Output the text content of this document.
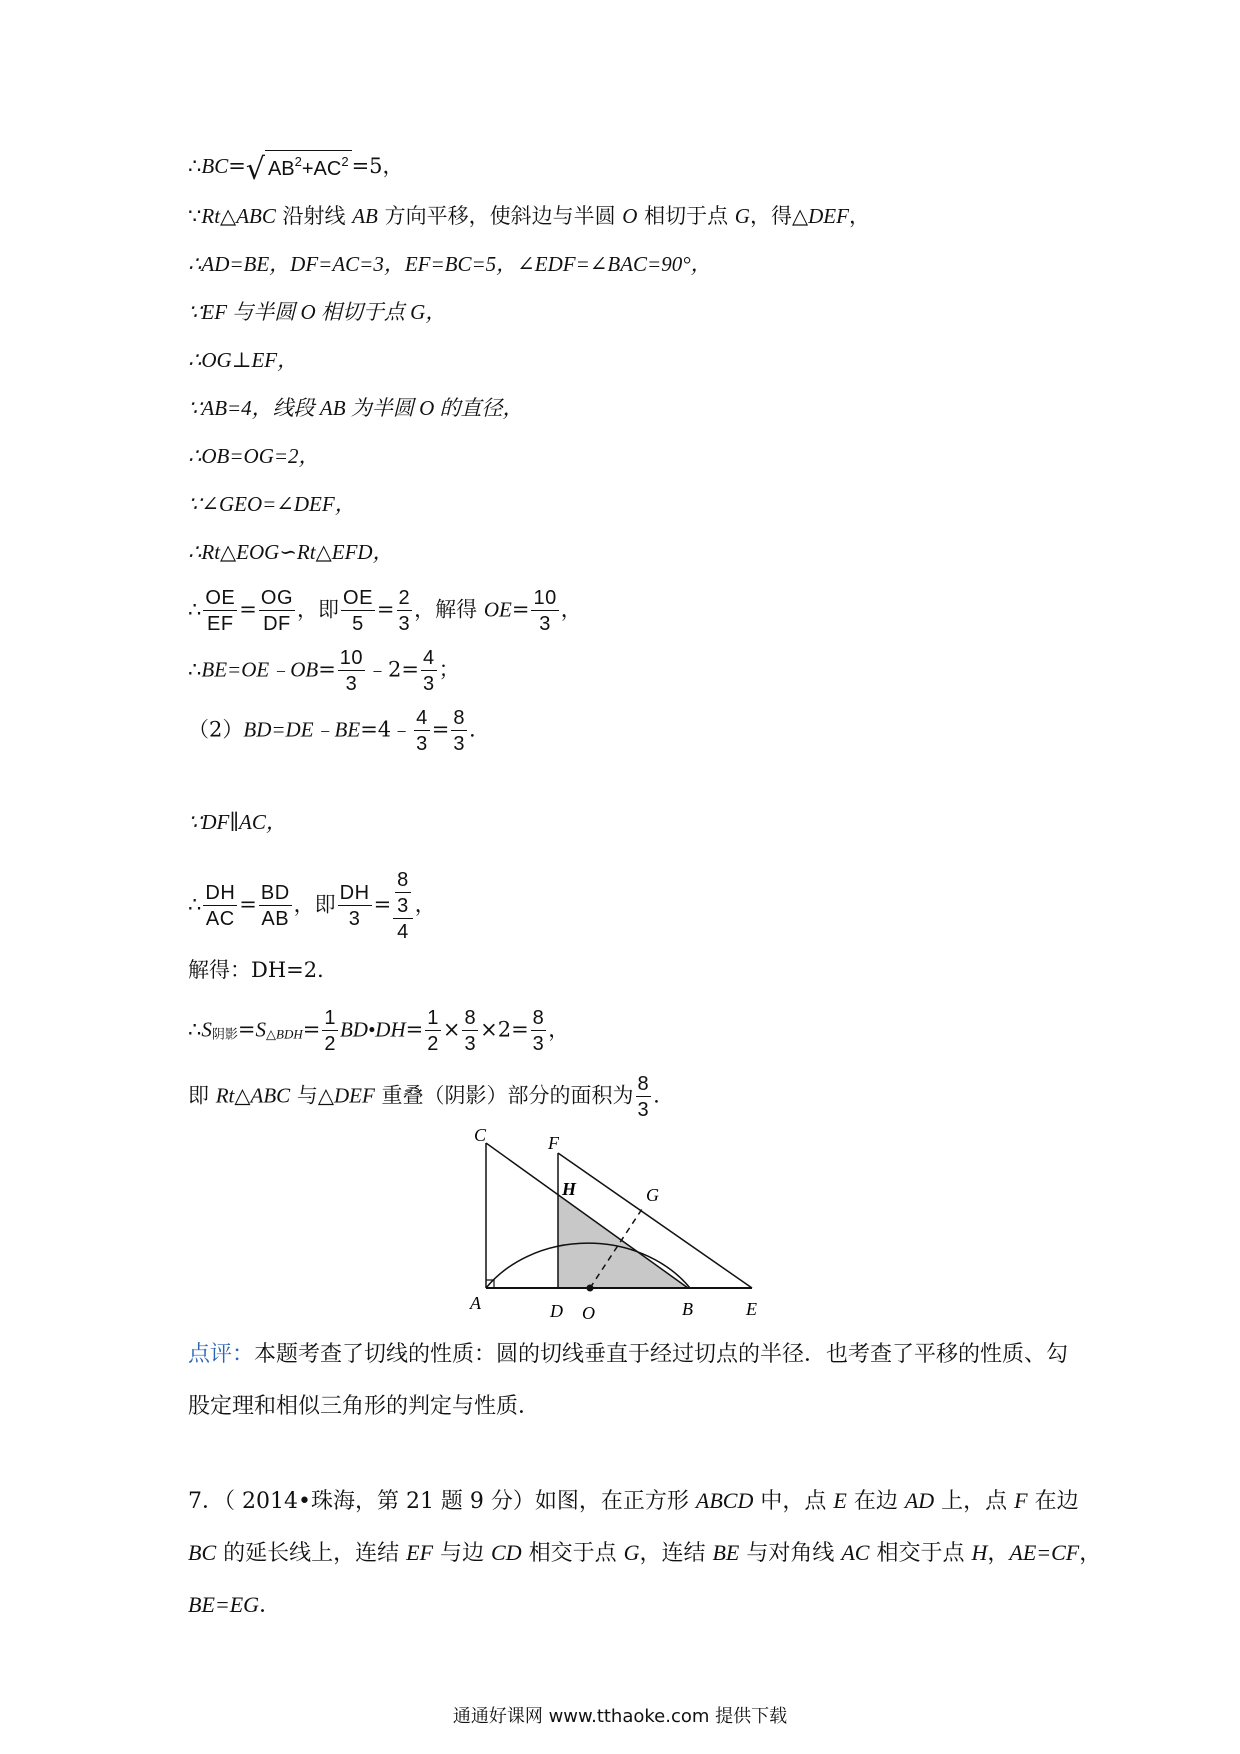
∴BC=√ $AB^2+AC^2 =5$，
∵Rt△ABC 沿射线 AB 方向平移，使斜边与半圆 O 相切于点 G，得△DEF，
∴AD=BE，DF=AC=3，EF=BC=5，∠EDF=∠BAC=90°，
∵EF 与半圆 O 相切于点 G，
∴OG⊥EF，
∵AB=4，线段 AB 为半圆 O 的直径，
∴OB=OG=2，
∵∠GEO=∠DEF，
∴Rt△EOG∽Rt△EFD，
∴ $\frac{OE}{EF} = \frac{OG}{DF}$ ，即 $\frac{OE}{5} = \frac{2}{3}$ ，解得 $OE= \frac{10}{3}$ ，
∴BE=OE﹣OB= $\frac{10}{3}$ ﹣2= $\frac{4}{3}$ ；
（2）BD=DE﹣BE=4﹣ $\frac{4}{3} = \frac{8}{3}$ .
∵DF∥AC，
∴ $\frac{DH}{AC} = \frac{BD}{AB}$ ，即 $\frac{DH}{3} = \frac{\frac{8}{3}}{4}$ ，
解得：DH=2．
∴S阴影=S△BDH= $\frac{1}{2}$ BD•DH= $\frac{1}{2} \times \frac{8}{3} \times 2= \frac{8}{3}$ ，
即 Rt△ABC 与△DEF 重叠（阴影）部分的面积为 $\frac{8}{3}$ .
C	F
H	G
A	D O	B	E
点评：本题考查了切线的性质：圆的切线垂直于经过切点的半径．也考查了平移的性质、勾
股定理和相似三角形的判定与性质．
7．（ 2014•珠海，第 21 题 9 分）如图，在正方形 ABCD 中，点 E 在边 AD 上，点 F 在边
BC 的延长线上，连结 EF 与边 CD 相交于点 G，连结 BE 与对角线 AC 相交于点 H，AE=CF，
BE=EG．
通通好课网 www.tthaoke.com 提供下载
